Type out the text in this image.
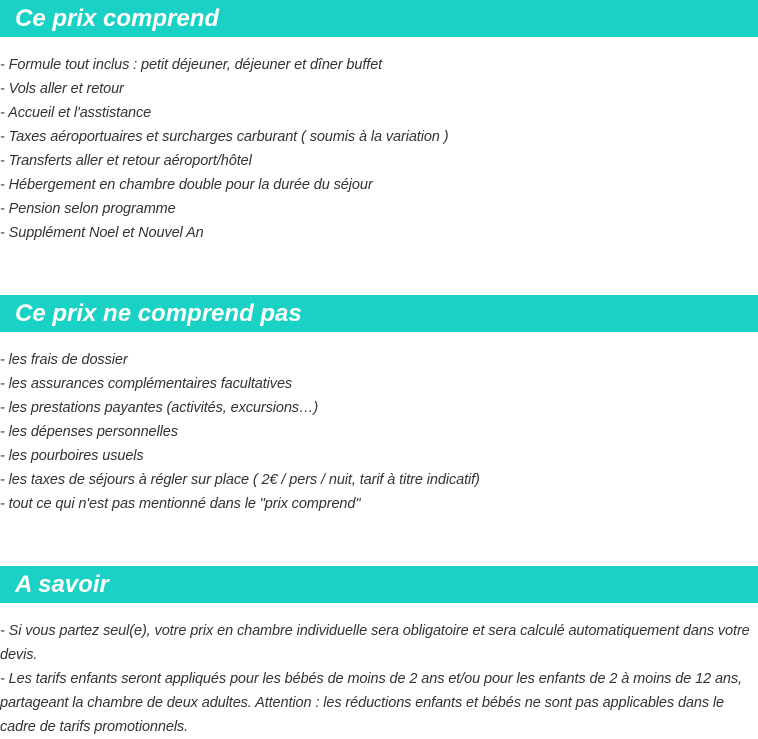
Ce prix comprend
- Formule tout inclus : petit déjeuner, déjeuner et dîner buffet
- Vols aller et retour
- Accueil et l'asstistance
- Taxes aéroportuaires et surcharges carburant ( soumis à la variation )
- Transferts aller et retour aéroport/hôtel
- Hébergement en chambre double pour la durée du séjour
- Pension selon programme
- Supplément Noel et Nouvel An
Ce prix ne comprend pas
- les frais de dossier
- les assurances complémentaires facultatives
- les prestations payantes (activités, excursions…)
- les dépenses personnelles
- les pourboires usuels
- les taxes de séjours à régler sur place ( 2€ / pers / nuit, tarif à titre indicatif)
- tout ce qui n'est pas mentionné dans le "prix comprend"
A savoir

- Si vous partez seul(e), votre prix en chambre individuelle sera obligatoire et sera calculé automatiquement dans votre devis.

- Les tarifs enfants seront appliqués pour les bébés de moins de 2 ans et/ou pour les enfants de 2 à moins de 12 ans, partageant la chambre de deux adultes. Attention : les réductions enfants et bébés ne sont pas applicables dans le cadre de tarifs promotionnels.
